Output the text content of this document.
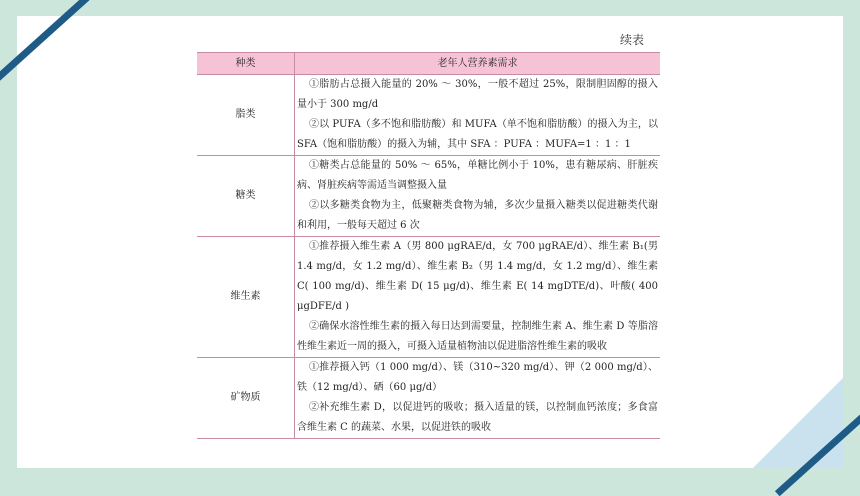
续表
种类	老年人营养素需求
脂类	①脂肪占总摄入能量的 20% ～ 30%，一般不超过 25%，限制胆固醇的摄入量小于 300 mg/d
②以 PUFA（多不饱和脂肪酸）和 MUFA（单不饱和脂肪酸）的摄入为主，以 SFA（饱和脂肪酸）的摄入为辅，其中 SFA ：PUFA ：MUFA=1 ：1 ：1

糖类	①糖类占总能量的 50% ～ 65%，单糖比例小于 10%，患有糖尿病、肝脏疾病、肾脏疾病等需适当调整摄入量
②以多糖类食物为主，低聚糖类食物为辅，多次少量摄入糖类以促进糖类代谢和利用，一般每天超过 6 次

维生素	①推荐摄入维生素 A（男 800 μgRAE/d，女 700 μgRAE/d）、维生素 B₁(男 1.4 mg/d，女 1.2 mg/d）、维生素 B₂（男 1.4 mg/d，女 1.2 mg/d）、维生素 C( 100 mg/d)、维生素 D( 15 μg/d)、维生素 E( 14 mgDTE/d)、叶酸( 400 μgDFE/d )
②确保水溶性维生素的摄入每日达到需要量，控制维生素 A、维生素 D 等脂溶性维生素近一周的摄入，可摄入适量植物油以促进脂溶性维生素的吸收

矿物质	①推荐摄入钙（1 000 mg/d）、镁（310~320 mg/d）、钾（2 000 mg/d）、铁（12 mg/d）、硒（60 μg/d）
②补充维生素 D，以促进钙的吸收；摄入适量的镁，以控制血钙浓度；多食富含维生素 C 的蔬菜、水果，以促进铁的吸收
